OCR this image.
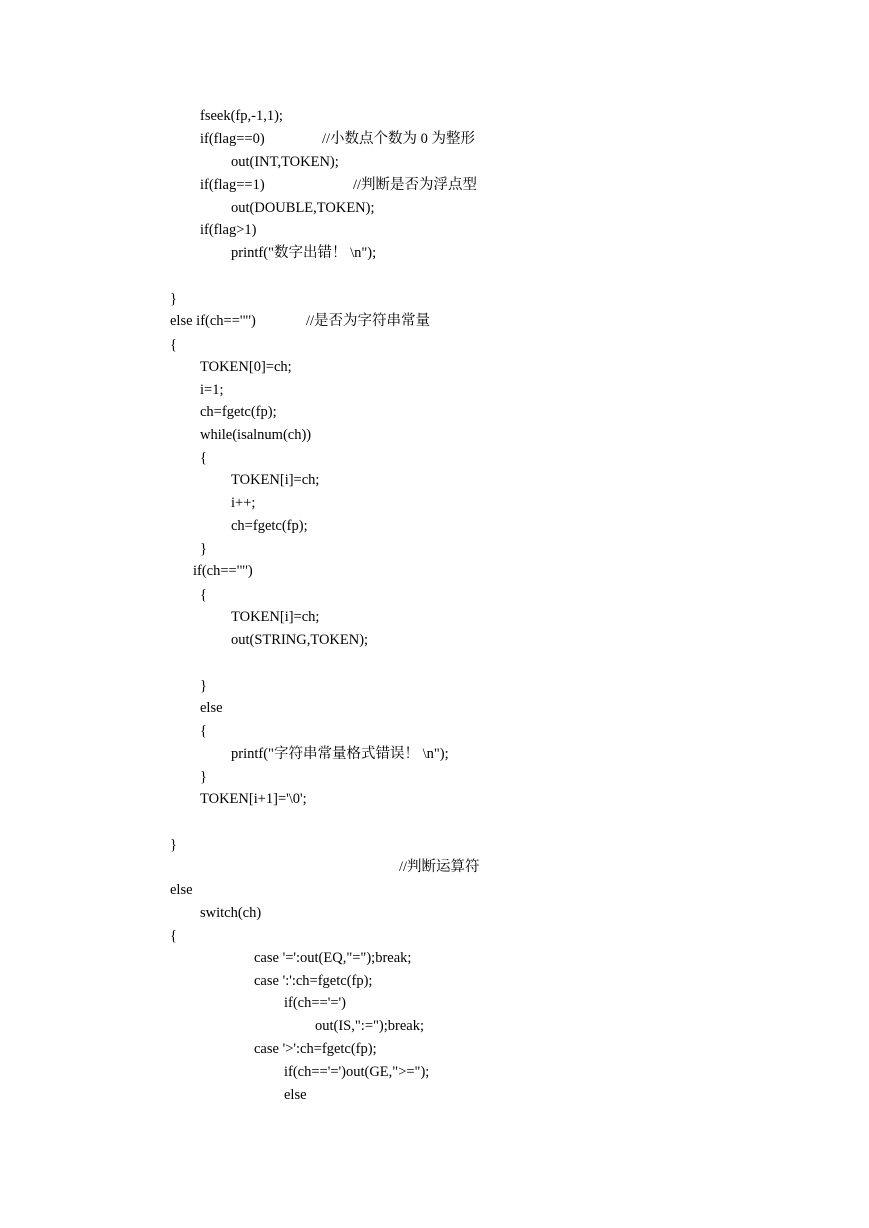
fseek(fp,-1,1);
if(flag==0)	//小数点个数为 0 为整形
out(INT,TOKEN);
if(flag==1)	//判断是否为浮点型
out(DOUBLE,TOKEN);
if(flag>1)
printf("数字出错！ \n");
}
else if(ch=='"')	//是否为字符串常量
{
TOKEN[0]=ch;
i=1;
ch=fgetc(fp);
while(isalnum(ch))
{
TOKEN[i]=ch;
i++;
ch=fgetc(fp);
}
if(ch=='"')
{
TOKEN[i]=ch;
out(STRING,TOKEN);
}
else
{
printf("字符串常量格式错误！ \n");
}
TOKEN[i+1]='\0';
}
//判断运算符
else
switch(ch)
{
case '=':out(EQ,"=");break;
case ':':ch=fgetc(fp);
if(ch=='=')
out(IS,":=");break;
case '>':ch=fgetc(fp);
if(ch=='=')out(GE,">=");
else
